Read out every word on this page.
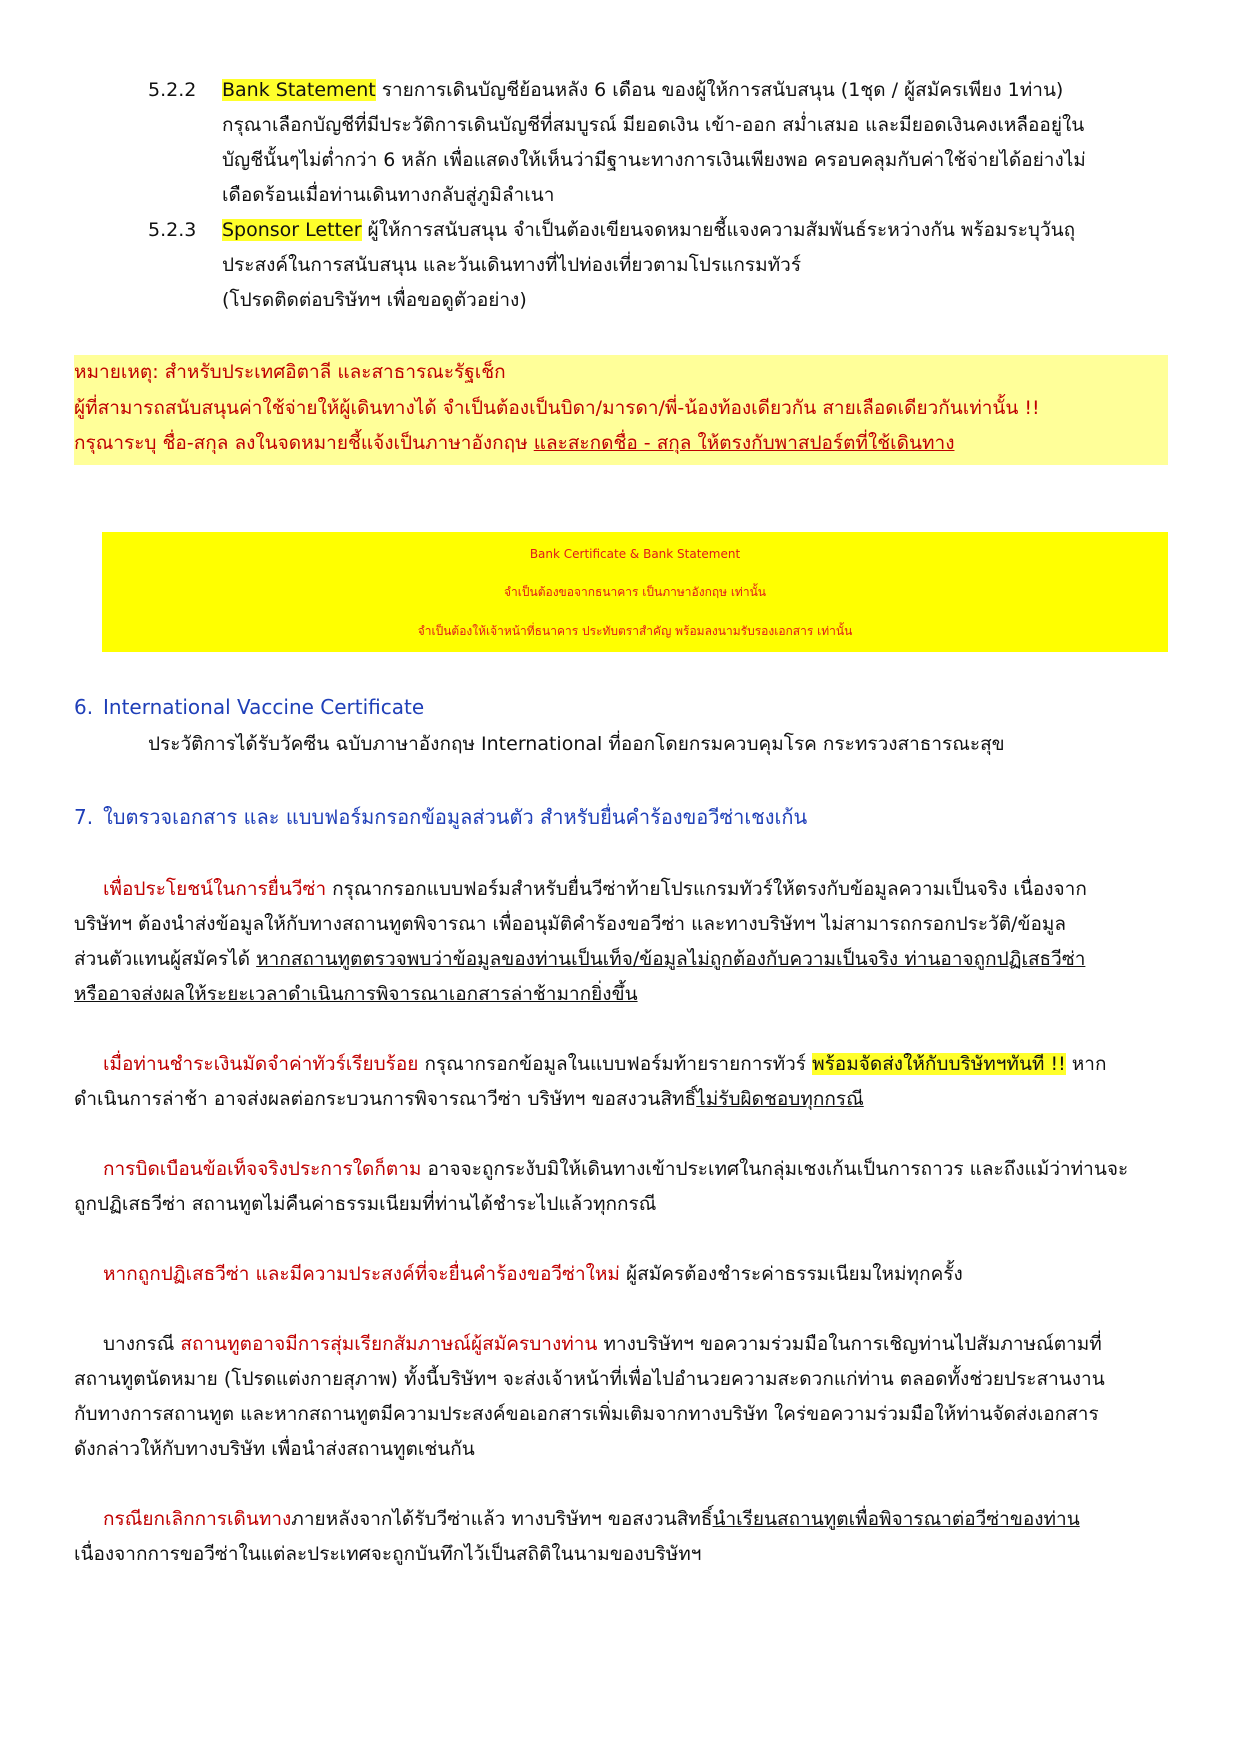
5.2.2 Bank Statement รายการเดินบัญชีย้อนหลัง 6 เดือน ของผู้ให้การสนับสนุน (1ชุด / ผู้สมัครเพียง 1ท่าน)
กรุณาเลือกบัญชีที่มีประวัติการเดินบัญชีที่สมบูรณ์ มียอดเงิน เข้า-ออก สม่ำเสมอ และมียอดเงินคงเหลืออยู่ใน
บัญชีนั้นๆไม่ต่ำกว่า 6 หลัก เพื่อแสดงให้เห็นว่ามีฐานะทางการเงินเพียงพอ ครอบคลุมกับค่าใช้จ่ายได้อย่างไม่
เดือดร้อนเมื่อท่านเดินทางกลับสู่ภูมิลำเนา
5.2.3 Sponsor Letter ผู้ให้การสนับสนุน จำเป็นต้องเขียนจดหมายชี้แจงความสัมพันธ์ระหว่างกัน พร้อมระบุวันถุ
ประสงค์ในการสนับสนุน และวันเดินทางที่ไปท่องเที่ยวตามโปรแกรมทัวร์
(โปรดติดต่อบริษัทฯ เพื่อขอดูตัวอย่าง)
หมายเหตุ: สำหรับประเทศอิตาลี และสาธารณะรัฐเช็ก
ผู้ที่สามารถสนับสนุนค่าใช้จ่ายให้ผู้เดินทางได้ จำเป็นต้องเป็นบิดา/มารดา/พี่-น้องท้องเดียวกัน สายเลือดเดียวกันเท่านั้น !!
กรุณาระบุ ชื่อ-สกุล ลงในจดหมายชี้แจ้งเป็นภาษาอังกฤษ และสะกดชื่อ - สกุล ให้ตรงกับพาสปอร์ตที่ใช้เดินทาง
Bank Certificate & Bank Statement
จำเป็นต้องขอจากธนาคาร เป็นภาษาอังกฤษ เท่านั้น
จำเป็นต้องให้เจ้าหน้าที่ธนาคาร ประทับตราสำคัญ พร้อมลงนามรับรองเอกสาร เท่านั้น
6. International Vaccine Certificate
ประวัติการได้รับวัคซีน ฉบับภาษาอังกฤษ International ที่ออกโดยกรมควบคุมโรค กระทรวงสาธารณะสุข
7. ใบตรวจเอกสาร และ แบบฟอร์มกรอกข้อมูลส่วนตัว สำหรับยื่นคำร้องขอวีซ่าเชงเก้น
เพื่อประโยชน์ในการยื่นวีซ่า กรุณากรอกแบบฟอร์มสำหรับยื่นวีซ่าท้ายโปรแกรมทัวร์ให้ตรงกับข้อมูลความเป็นจริง เนื่องจาก
บริษัทฯ ต้องนำส่งข้อมูลให้กับทางสถานทูตพิจารณา เพื่ออนุมัติคำร้องขอวีซ่า และทางบริษัทฯ ไม่สามารถกรอกประวัติ/ข้อมูล
ส่วนตัวแทนผู้สมัครได้ หากสถานทูตตรวจพบว่าข้อมูลของท่านเป็นเท็จ/ข้อมูลไม่ถูกต้องกับความเป็นจริง ท่านอาจถูกปฏิเสธวีซ่า
หรืออาจส่งผลให้ระยะเวลาดำเนินการพิจารณาเอกสารล่าช้ามากยิ่งขึ้น
เมื่อท่านชำระเงินมัดจำค่าทัวร์เรียบร้อย กรุณากรอกข้อมูลในแบบฟอร์มท้ายรายการทัวร์ พร้อมจัดส่งให้กับบริษัทฯทันที !! หาก
ดำเนินการล่าช้า อาจส่งผลต่อกระบวนการพิจารณาวีซ่า บริษัทฯ ขอสงวนสิทธิ์ไม่รับผิดชอบทุกกรณี
การบิดเบือนข้อเท็จจริงประการใดก็ตาม อาจจะถูกระงับมิให้เดินทางเข้าประเทศในกลุ่มเชงเก้นเป็นการถาวร และถึงแม้ว่าท่านจะ
ถูกปฏิเสธวีซ่า สถานทูตไม่คืนค่าธรรมเนียมที่ท่านได้ชำระไปแล้วทุกกรณี
หากถูกปฏิเสธวีซ่า และมีความประสงค์ที่จะยื่นคำร้องขอวีซ่าใหม่ ผู้สมัครต้องชำระค่าธรรมเนียมใหม่ทุกครั้ง
บางกรณี สถานทูตอาจมีการสุ่มเรียกสัมภาษณ์ผู้สมัครบางท่าน ทางบริษัทฯ ขอความร่วมมือในการเชิญท่านไปสัมภาษณ์ตามที่
สถานทูตนัดหมาย (โปรดแต่งกายสุภาพ) ทั้งนี้บริษัทฯ จะส่งเจ้าหน้าที่เพื่อไปอำนวยความสะดวกแก่ท่าน ตลอดทั้งช่วยประสานงาน
กับทางการสถานทูต และหากสถานทูตมีความประสงค์ขอเอกสารเพิ่มเติมจากทางบริษัท ใคร่ขอความร่วมมือให้ท่านจัดส่งเอกสาร
ดังกล่าวให้กับทางบริษัท เพื่อนำส่งสถานทูตเช่นกัน
กรณียกเลิกการเดินทางภายหลังจากได้รับวีซ่าแล้ว ทางบริษัทฯ ขอสงวนสิทธิ์นำเรียนสถานทูตเพื่อพิจารณาต่อวีซ่าของท่าน
เนื่องจากการขอวีซ่าในแต่ละประเทศจะถูกบันทึกไว้เป็นสถิติในนามของบริษัทฯ
